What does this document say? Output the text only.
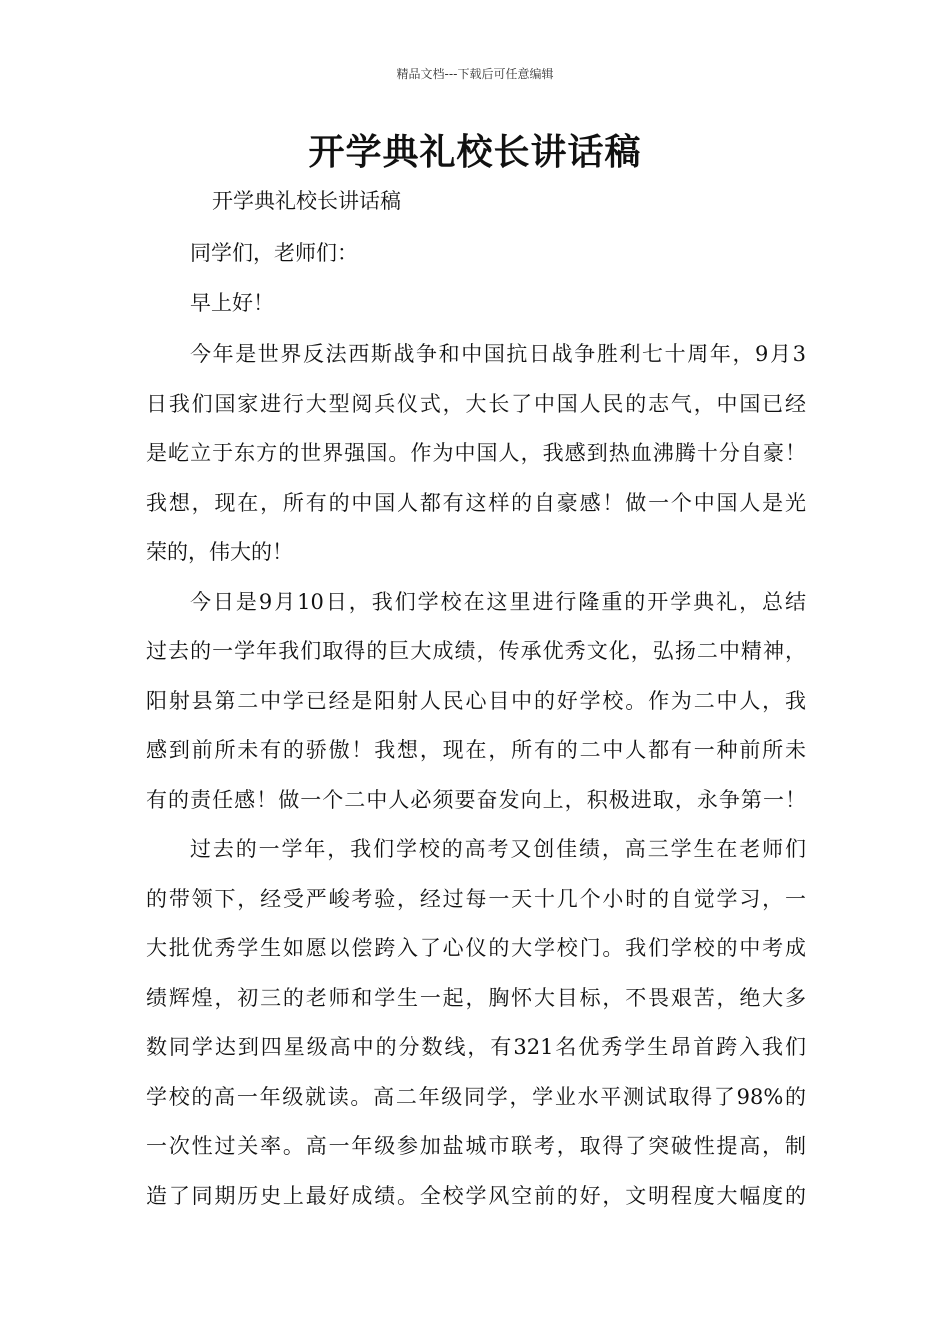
精品文档---下载后可任意编辑
开学典礼校长讲话稿
开学典礼校长讲话稿
同学们，老师们：
早上好！
今年是世界反法西斯战争和中国抗日战争胜利七十周年，9月3
日我们国家进行大型阅兵仪式，大长了中国人民的志气，中国已经
是屹立于东方的世界强国。作为中国人，我感到热血沸腾十分自豪！
我想，现在，所有的中国人都有这样的自豪感！做一个中国人是光
荣的，伟大的！
今日是9月10日，我们学校在这里进行隆重的开学典礼，总结
过去的一学年我们取得的巨大成绩，传承优秀文化，弘扬二中精神，
阳射县第二中学已经是阳射人民心目中的好学校。作为二中人，我
感到前所未有的骄傲！我想，现在，所有的二中人都有一种前所未
有的责任感！做一个二中人必须要奋发向上，积极进取，永争第一！
过去的一学年，我们学校的高考又创佳绩，高三学生在老师们
的带领下，经受严峻考验，经过每一天十几个小时的自觉学习，一
大批优秀学生如愿以偿跨入了心仪的大学校门。我们学校的中考成
绩辉煌，初三的老师和学生一起，胸怀大目标，不畏艰苦，绝大多
数同学达到四星级高中的分数线，有321名优秀学生昂首跨入我们
学校的高一年级就读。高二年级同学，学业水平测试取得了98%的
一次性过关率。高一年级参加盐城市联考，取得了突破性提高，制
造了同期历史上最好成绩。全校学风空前的好，文明程度大幅度的
